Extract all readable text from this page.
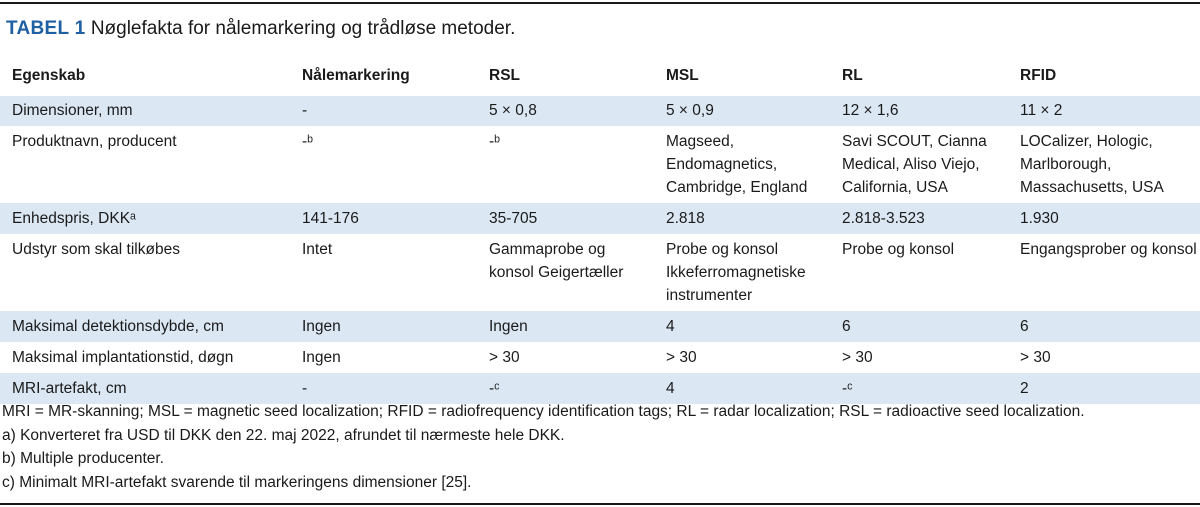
TABEL 1 Nøglefakta for nålemarkering og trådløse metoder.
Egenskab	Nålemarkering	RSL	MSL	RL	RFID
Dimensioner, mm	-	5 × 0,8	5 × 0,9	12 × 1,6	11 × 2
Produktnavn, producent	-ᵇ	-ᵇ	Magseed, Endomagnetics, Cambridge, England	Savi SCOUT, Cianna Medical, Aliso Viejo, California, USA	LOCalizer, Hologic, Marlborough, Massachusetts, USA
Enhedspris, DKKᵃ	141-176	35-705	2.818	2.818-3.523	1.930
Udstyr som skal tilkøbes	Intet	Gammaprobe og konsol Geigertæller	Probe og konsol Ikkeferromagnetiske instrumenter	Probe og konsol	Engangsprober og konsol
Maksimal detektionsdybde, cm	Ingen	Ingen	4	6	6
Maksimal implantationstid, døgn	Ingen	> 30	> 30	> 30	> 30
MRI-artefakt, cm	-	-ᶜ	4	-ᶜ	2
MRI = MR-skanning; MSL = magnetic seed localization; RFID = radiofrequency identification tags; RL = radar localization; RSL = radioactive seed localization.
a) Konverteret fra USD til DKK den 22. maj 2022, afrundet til nærmeste hele DKK.
b) Multiple producenter.
c) Minimalt MRI-artefakt svarende til markeringens dimensioner [25].
